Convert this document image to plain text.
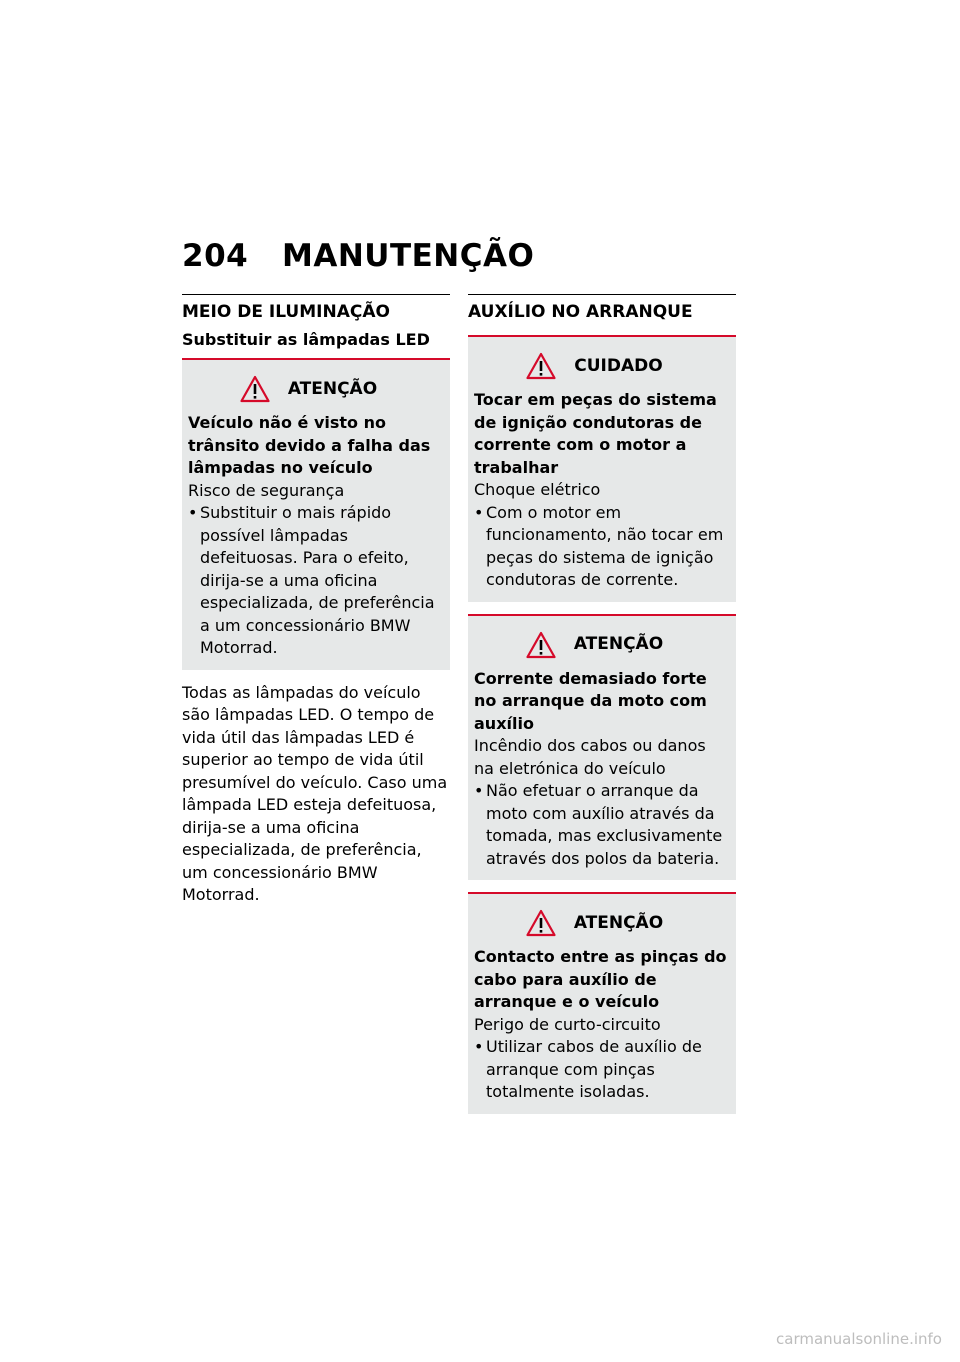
204 MANUTENÇÃO
MEIO DE ILUMINAÇÃO
Substituir as lâmpadas LED
ATENÇÃO
Veículo não é visto no trânsito devido a falha das lâmpadas no veículo
Risco de segurança
• Substituir o mais rápido possível lâmpadas defeituosas. Para o efeito, dirija-se a uma oficina especializada, de preferência a um concessionário BMW Motorrad.
Todas as lâmpadas do veículo são lâmpadas LED. O tempo de vida útil das lâmpadas LED é superior ao tempo de vida útil presumível do veículo. Caso uma lâmpada LED esteja defeituosa, dirija-se a uma oficina especializada, de preferência, um concessionário BMW Motorrad.
AUXÍLIO NO ARRANQUE
CUIDADO
Tocar em peças do sistema de ignição condutoras de corrente com o motor a trabalhar
Choque elétrico
• Com o motor em funcionamento, não tocar em peças do sistema de ignição condutoras de corrente.
ATENÇÃO
Corrente demasiado forte no arranque da moto com auxílio
Incêndio dos cabos ou danos na eletrónica do veículo
• Não efetuar o arranque da moto com auxílio através da tomada, mas exclusivamente através dos polos da bateria.
ATENÇÃO
Contacto entre as pinças do cabo para auxílio de arranque e o veículo
Perigo de curto-circuito
• Utilizar cabos de auxílio de arranque com pinças totalmente isoladas.
carmanualsonline.info
